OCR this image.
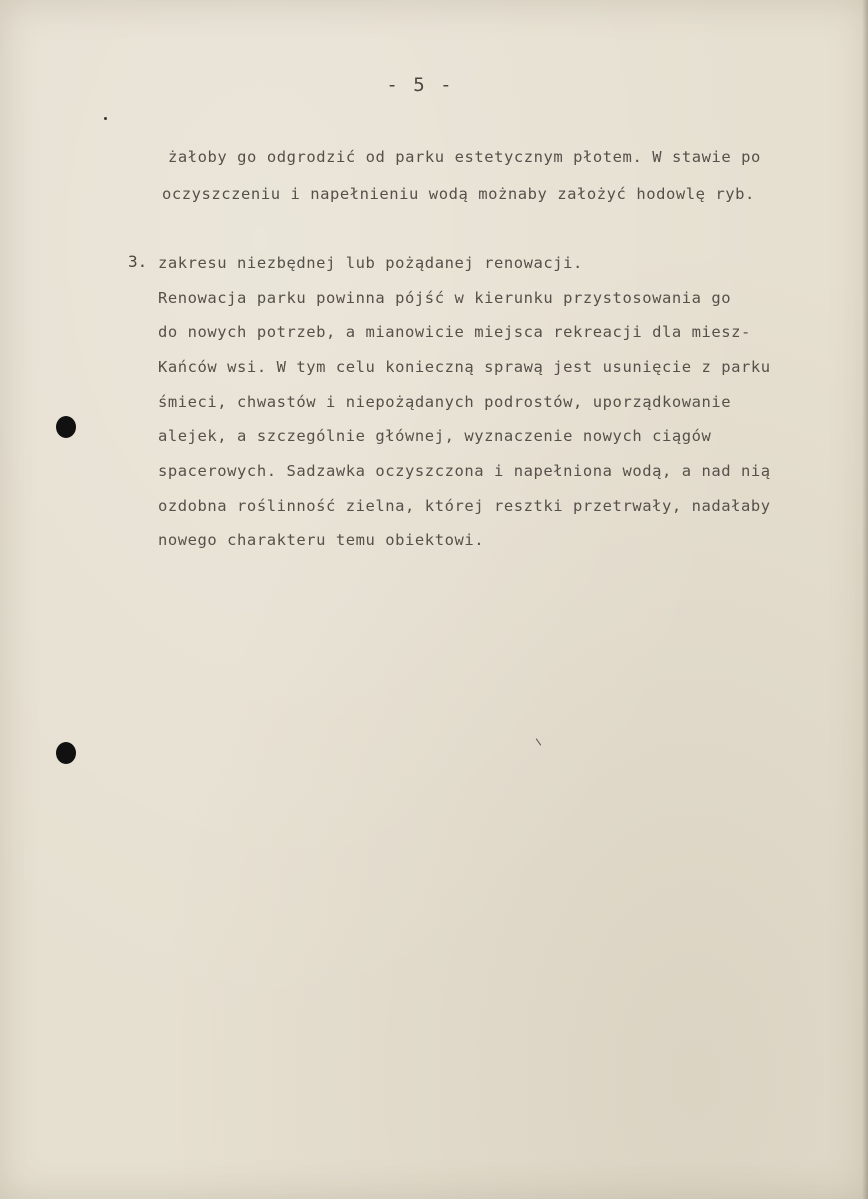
- 5 -
żałoby go odgrodzić od parku estetycznym płotem. W stawie po
oczyszczeniu i napełnieniu wodą możnaby założyć hodowlę ryb.
3. zakresu niezbędnej lub pożądanej renowacji.
Renowacja parku powinna pójść w kierunku przystosowania go
do nowych potrzeb, a mianowicie miejsca rekreacji dla miesz-
Kańców wsi. W tym celu konieczną sprawą jest usunięcie z parku
śmieci, chwastów i niepożądanych podrostów, uporządkowanie
alejek, a szczególnie głównej, wyznaczenie nowych ciągów
spacerowych. Sadzawka oczyszczona i napełniona wodą, a nad nią
ozdobna roślinność zielna, której resztki przetrwały, nadałaby
nowego charakteru temu obiektowi.
